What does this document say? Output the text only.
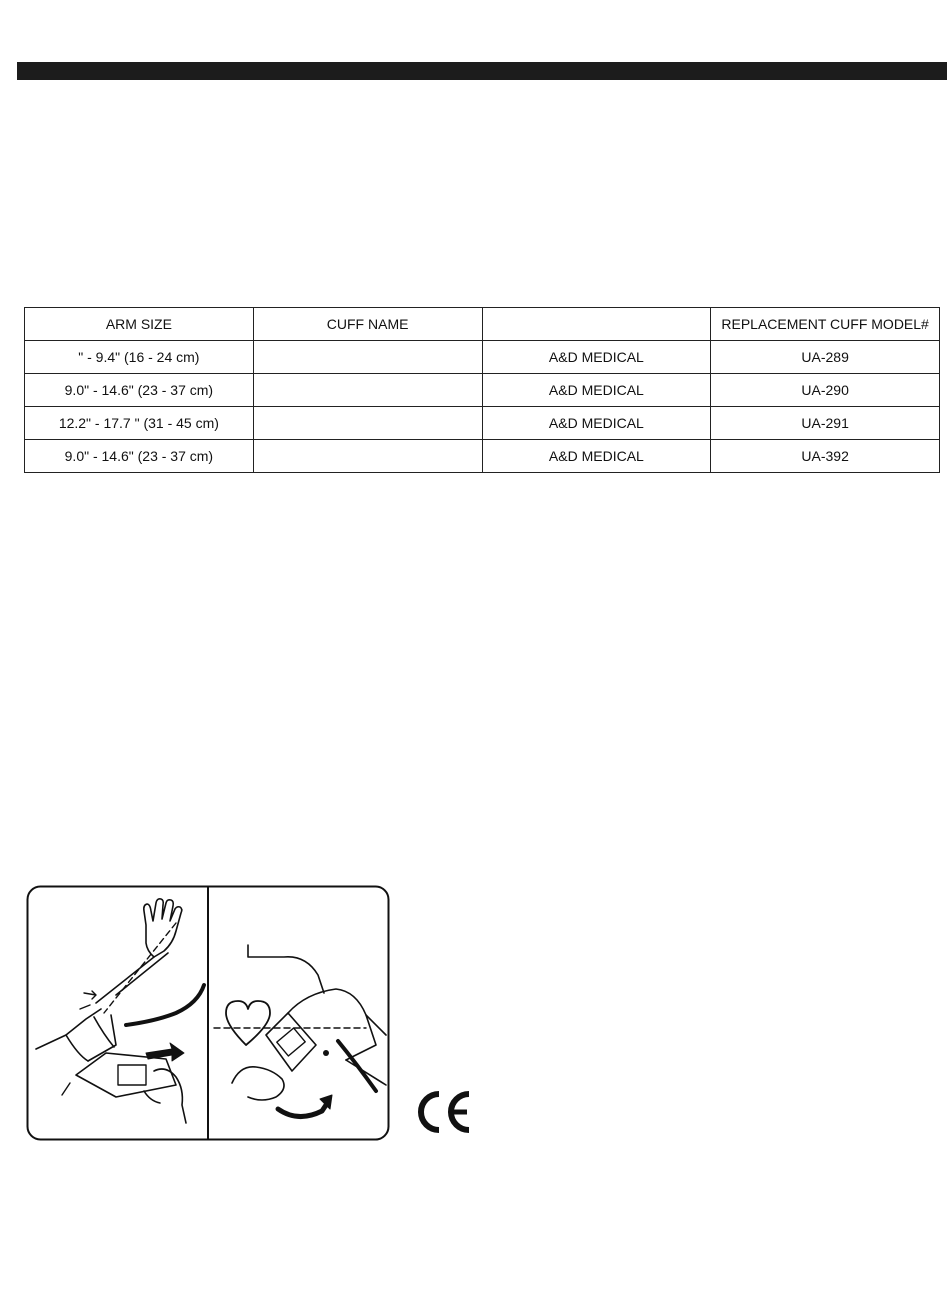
ARM SIZE	CUFF NAME		REPLACEMENT CUFF MODEL#
" - 9.4" (16 - 24 cm)		A&D MEDICAL	UA-289
9.0" - 14.6" (23 - 37 cm)		A&D MEDICAL	UA-290
12.2" - 17.7 " (31 - 45 cm)		A&D MEDICAL	UA-291
9.0" - 14.6" (23 - 37 cm)		A&D MEDICAL	UA-392
